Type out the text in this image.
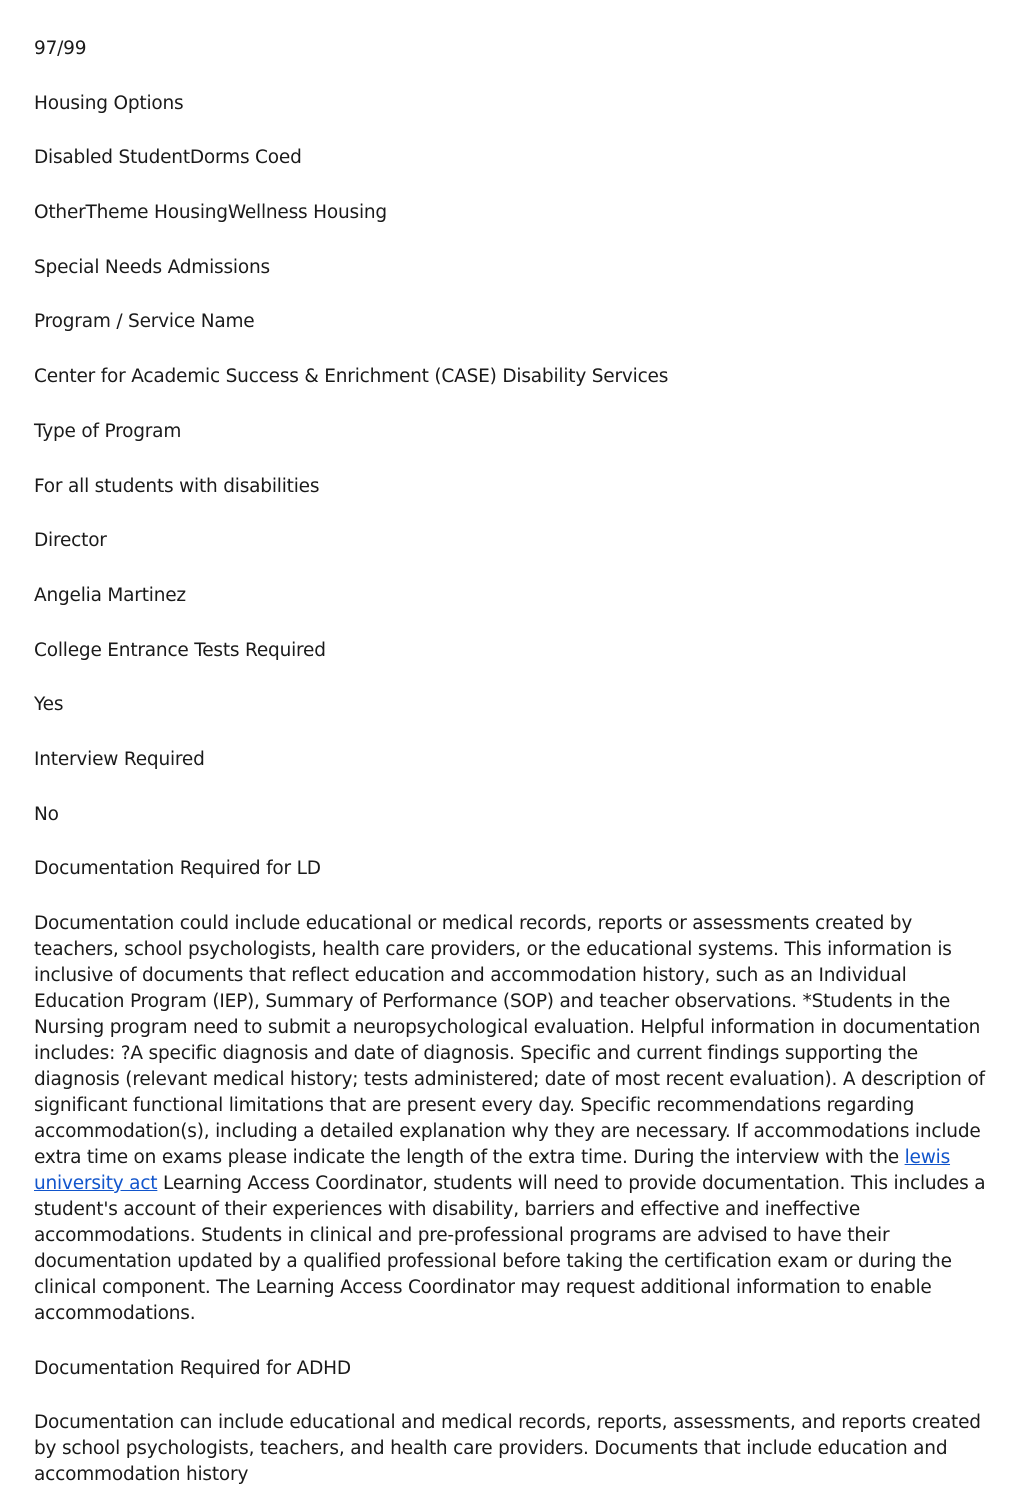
97/99
Housing Options
Disabled StudentDorms Coed
OtherTheme HousingWellness Housing
Special Needs Admissions
Program / Service Name
Center for Academic Success & Enrichment (CASE) Disability Services
Type of Program
For all students with disabilities
Director
Angelia Martinez
College Entrance Tests Required
Yes
Interview Required
No
Documentation Required for LD

Documentation could include educational or medical records, reports or assessments created by teachers, school psychologists, health care providers, or the educational systems. This information is inclusive of documents that reflect education and accommodation history, such as an Individual Education Program (IEP), Summary of Performance (SOP) and teacher observations. *Students in the Nursing program need to submit a neuropsychological evaluation. Helpful information in documentation includes: ?A specific diagnosis and date of diagnosis. Specific and current findings supporting the diagnosis (relevant medical history; tests administered; date of most recent evaluation). A description of significant functional limitations that are present every day. Specific recommendations regarding accommodation(s), including a detailed explanation why they are necessary. If accommodations include extra time on exams please indicate the length of the extra time. During the interview with the lewis university act Learning Access Coordinator, students will need to provide documentation. This includes a student's account of their experiences with disability, barriers and effective and ineffective accommodations. Students in clinical and pre-professional programs are advised to have their documentation updated by a qualified professional before taking the certification exam or during the clinical component. The Learning Access Coordinator may request additional information to enable accommodations.

Documentation Required for ADHD

Documentation can include educational and medical records, reports, assessments, and reports created by school psychologists, teachers, and health care providers. Documents that include education and accommodation history
